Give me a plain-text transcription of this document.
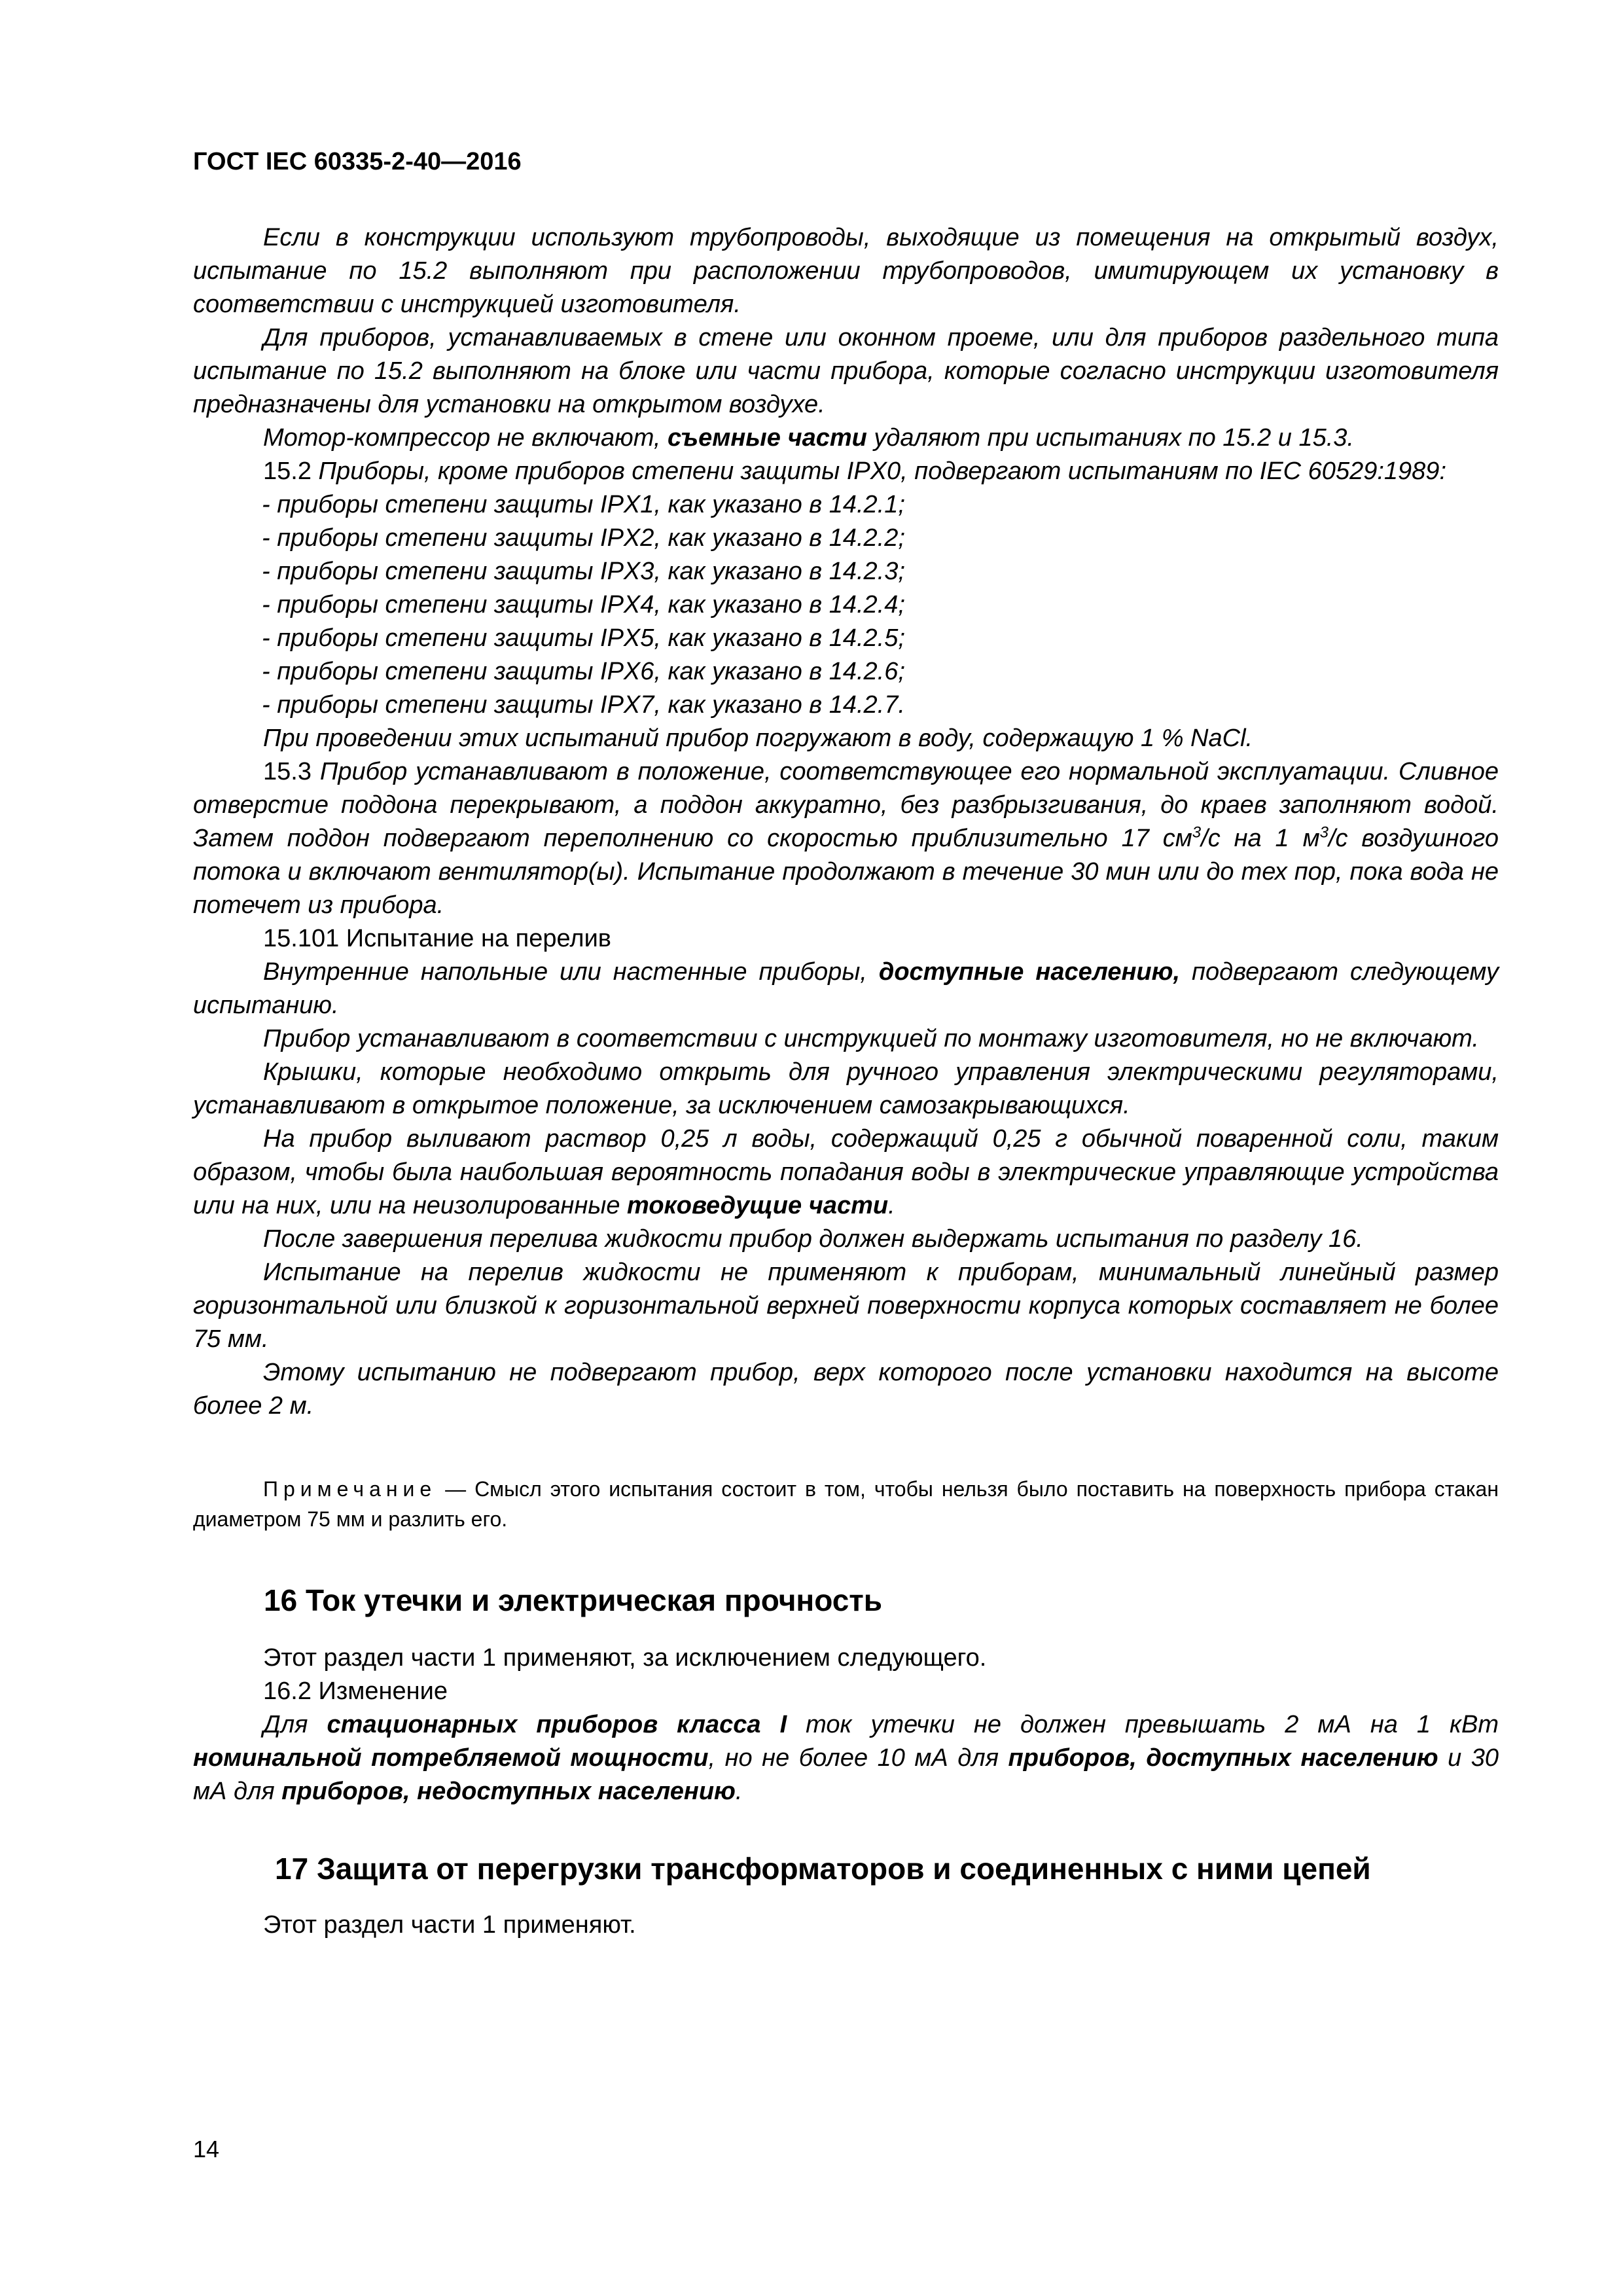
ГОСТ IEC 60335-2-40—2016

Если в конструкции используют трубопроводы, выходящие из помещения на открытый воздух, испытание по 15.2 выполняют при расположении трубопроводов, имитирующем их установку в соответствии с инструкцией изготовителя.

Для приборов, устанавливаемых в стене или оконном проеме, или для приборов раздельного типа испытание по 15.2 выполняют на блоке или части прибора, которые согласно инструкции изготовителя предназначены для установки на открытом воздухе.

Мотор-компрессор не включают, съемные части удаляют при испытаниях по 15.2 и 15.3.

15.2 Приборы, кроме приборов степени защиты IPX0, подвергают испытаниям по IEC 60529:1989:

- приборы степени защиты IPX1, как указано в 14.2.1;

- приборы степени защиты IPX2, как указано в 14.2.2;

- приборы степени защиты IPX3, как указано в 14.2.3;

- приборы степени защиты IPX4, как указано в 14.2.4;

- приборы степени защиты IPX5, как указано в 14.2.5;

- приборы степени защиты IPX6, как указано в 14.2.6;

- приборы степени защиты IPX7, как указано в 14.2.7.

При проведении этих испытаний прибор погружают в воду, содержащую 1 % NaCl.

15.3 Прибор устанавливают в положение, соответствующее его нормальной эксплуатации. Сливное отверстие поддона перекрывают, а поддон аккуратно, без разбрызгивания, до краев заполняют водой. Затем поддон подвергают переполнению со скоростью приблизительно 17 $см^3/с$ на 1 $м^3/с$ воздушного потока и включают вентилятор(ы). Испытание продолжают в течение 30 мин или до тех пор, пока вода не потечет из прибора.

15.101 Испытание на перелив

Внутренние напольные или настенные приборы, доступные населению, подвергают следующему испытанию.

Прибор устанавливают в соответствии с инструкцией по монтажу изготовителя, но не включают.

Крышки, которые необходимо открыть для ручного управления электрическими регуляторами, устанавливают в открытое положение, за исключением самозакрывающихся.

На прибор выливают раствор 0,25 л воды, содержащий 0,25 г обычной поваренной соли, таким образом, чтобы была наибольшая вероятность попадания воды в электрические управляющие устройства или на них, или на неизолированные токоведущие части.

После завершения перелива жидкости прибор должен выдержать испытания по разделу 16.

Испытание на перелив жидкости не применяют к приборам, минимальный линейный размер горизонтальной или близкой к горизонтальной верхней поверхности корпуса которых составляет не более 75 мм.

Этому испытанию не подвергают прибор, верх которого после установки находится на высоте более 2 м.

Примечание — Смысл этого испытания состоит в том, чтобы нельзя было поставить на поверхность прибора стакан диаметром 75 мм и разлить его.
16 Ток утечки и электрическая прочность

Этот раздел части 1 применяют, за исключением следующего.

16.2 Изменение

Для стационарных приборов класса I ток утечки не должен превышать 2 мА на 1 кВт номинальной потребляемой мощности, но не более 10 мА для приборов, доступных населению и 30 мА для приборов, недоступных населению.

17 Защита от перегрузки трансформаторов и соединенных с ними цепей
Этот раздел части 1 применяют.
14
